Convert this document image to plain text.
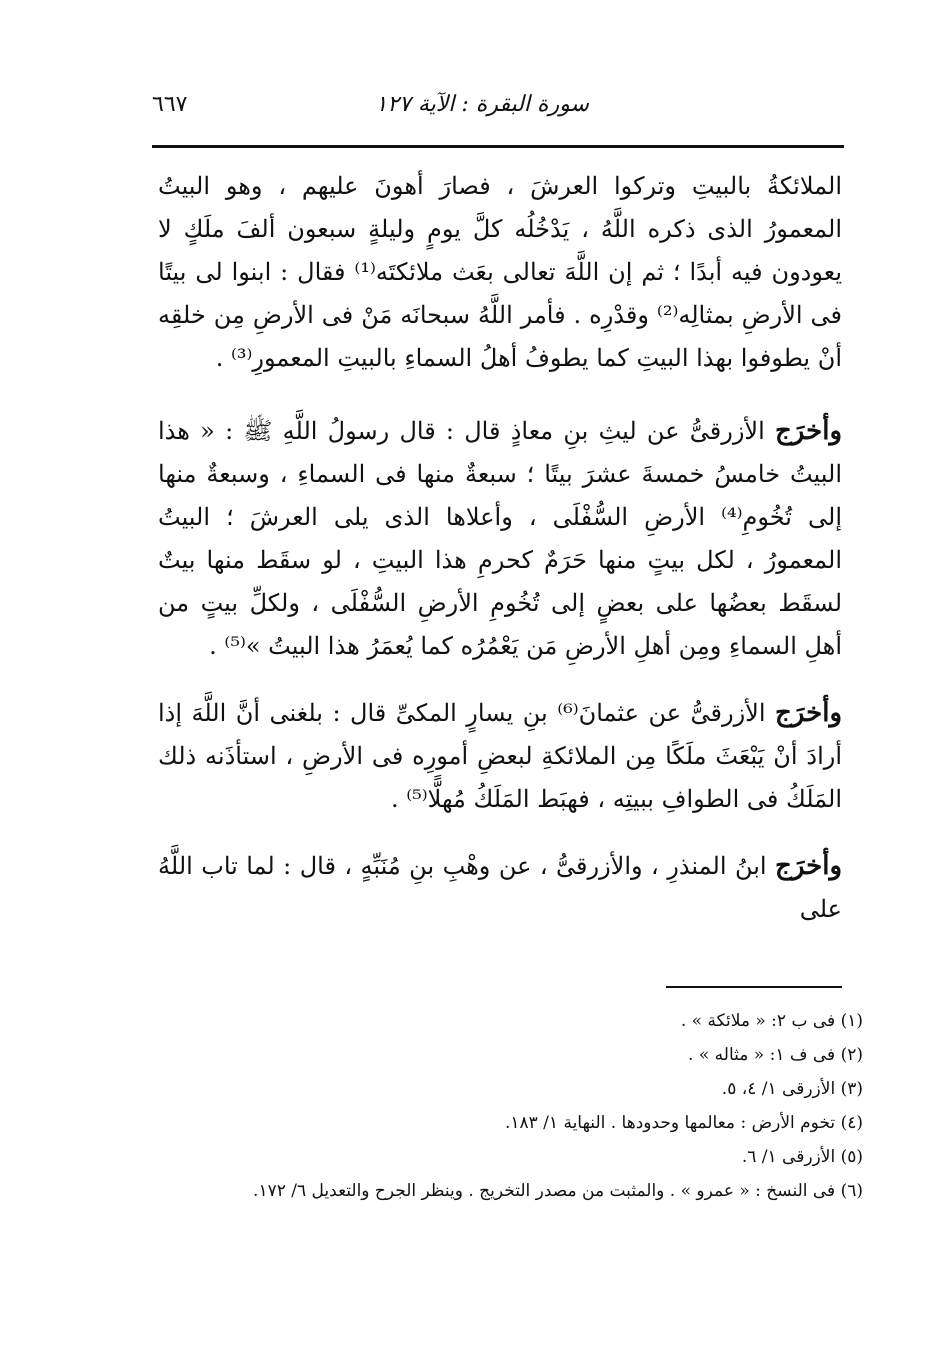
سورة البقرة : الآية ١٢٧
٦٦٧

الملائكةُ بالبيتِ وتركوا العرشَ ، فصارَ أهونَ عليهم ، وهو البيتُ المعمورُ الذى ذكره اللَّهُ ، يَدْخُلُه كلَّ يومٍ وليلةٍ سبعون ألفَ ملَكٍ لا يعودون فيه أبدًا ؛ ثم إن اللَّهَ تعالى بعَث ملائكتَه⁽¹⁾ فقال : ابنوا لى بيتًا فى الأرضِ بمثالِه⁽²⁾ وقدْرِه . فأمر اللَّهُ سبحانَه مَنْ فى الأرضِ مِن خلقِه أنْ يطوفوا بهذا البيتِ كما يطوفُ أهلُ السماءِ بالبيتِ المعمورِ⁽³⁾ .

وأخرَج الأزرقىُّ عن ليثِ بنِ معاذٍ قال : قال رسولُ اللَّهِ ﷺ : « هذا البيتُ خامسُ خمسةَ عشرَ بيتًا ؛ سبعةٌ منها فى السماءِ ، وسبعةٌ منها إلى تُخُومِ⁽⁴⁾ الأرضِ السُّفْلَى ، وأعلاها الذى يلى العرشَ ؛ البيتُ المعمورُ ، لكل بيتٍ منها حَرَمٌ كحرمِ هذا البيتِ ، لو سقَط منها بيتٌ لسقَط بعضُها على بعضٍ إلى تُخُومِ الأرضِ السُّفْلَى ، ولكلِّ بيتٍ من أهلِ السماءِ ومِن أهلِ الأرضِ مَن يَعْمُرُه كما يُعمَرُ هذا البيتُ »⁽⁵⁾ .

وأخرَج الأزرقىُّ عن عثمانَ⁽⁶⁾ بنِ يسارٍ المكىِّ قال : بلغنى أنَّ اللَّهَ إذا أرادَ أنْ يَبْعَثَ ملَكًا مِن الملائكةِ لبعضِ أمورِه فى الأرضِ ، استأذَنه ذلك المَلَكُ فى الطوافِ ببيتِه ، فهبَط المَلَكُ مُهلًّا⁽⁵⁾ .

وأخرَج ابنُ المنذرِ ، والأزرقىُّ ، عن وهْبِ بنِ مُنَبِّهٍ ، قال : لما تاب اللَّهُ على

(١) فى ب ٢: « ملائكة » .
(٢) فى ف ١: « مثاله » .
(٣) الأزرقى ١/ ٤، ٥.
(٤) تخوم الأرض : معالمها وحدودها . النهاية ١/ ١٨٣.
(٥) الأزرقى ١/ ٦.
(٦) فى النسخ : « عمرو » . والمثبت من مصدر التخريج . وينظر الجرح والتعديل ٦/ ١٧٢.
